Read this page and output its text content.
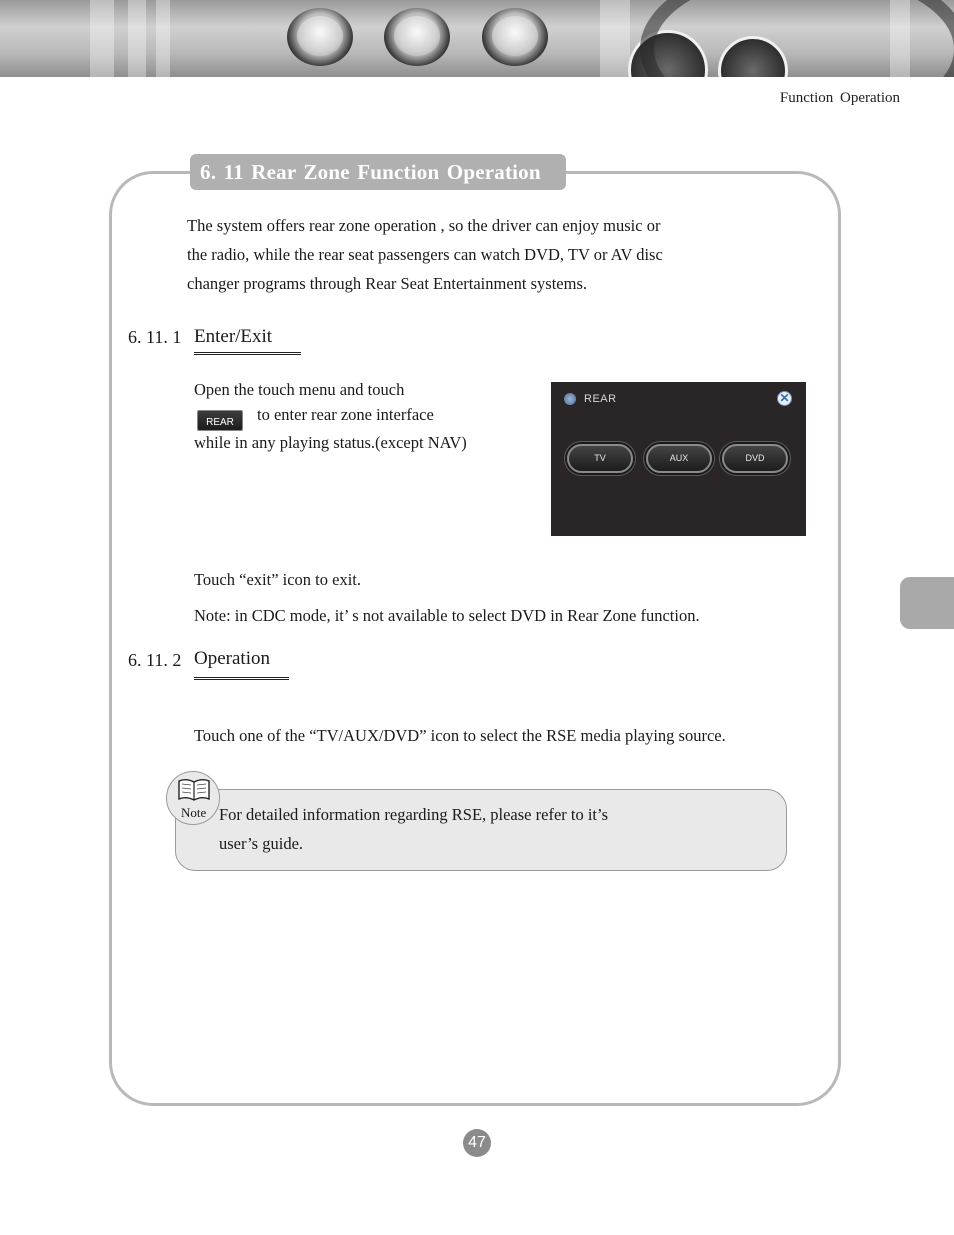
Function Operation
6. 11 Rear Zone Function Operation
The system offers rear zone operation , so the driver can enjoy music or
the radio, while the rear seat passengers can watch DVD, TV or AV disc
changer programs through Rear Seat Entertainment systems.
6. 11. 1 Enter/Exit
Open the touch menu and touch
REAR to enter rear zone interface
while in any playing status.(except NAV)
REAR	✕
TV	AUX	DVD
Touch “exit” icon to exit.
Note: in CDC mode, it’ s not available to select DVD in Rear Zone function.
6. 11. 2 Operation
Touch one of the “TV/AUX/DVD” icon to select the RSE media playing source.
Note For detailed information regarding RSE, please refer to it’s
user’s guide.
47
